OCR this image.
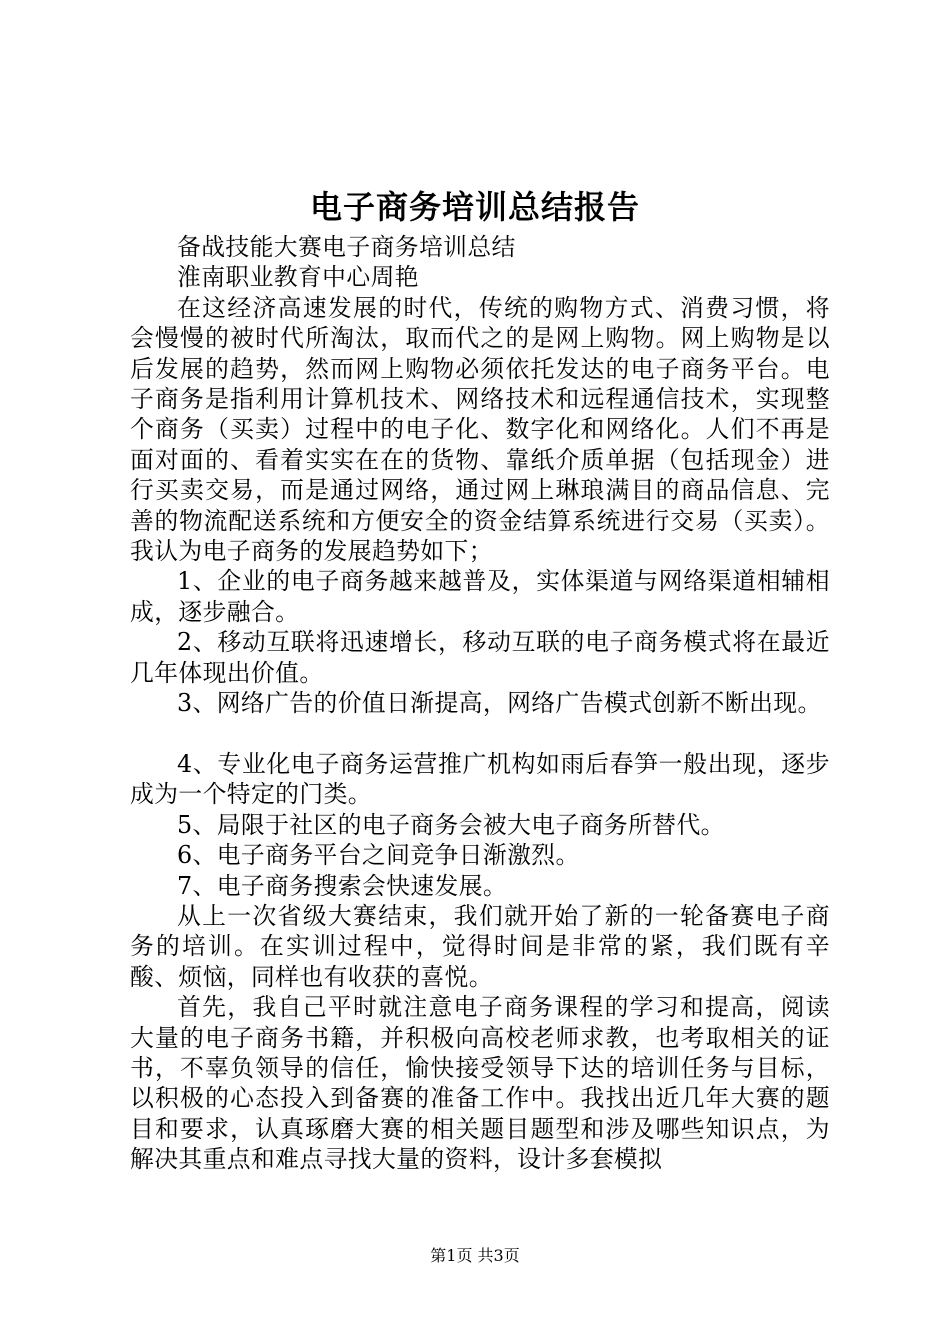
电子商务培训总结报告

备战技能大赛电子商务培训总结

淮南职业教育中心周艳

在这经济高速发展的时代，传统的购物方式、消费习惯，将会慢慢的被时代所淘汰，取而代之的是网上购物。网上购物是以后发展的趋势，然而网上购物必须依托发达的电子商务平台。电子商务是指利用计算机技术、网络技术和远程通信技术，实现整个商务（买卖）过程中的电子化、数字化和网络化。人们不再是面对面的、看着实实在在的货物、靠纸介质单据（包括现金）进行买卖交易，而是通过网络，通过网上琳琅满目的商品信息、完善的物流配送系统和方便安全的资金结算系统进行交易（买卖）。我认为电子商务的发展趋势如下；

1、企业的电子商务越来越普及，实体渠道与网络渠道相辅相成，逐步融合。

2、移动互联将迅速增长，移动互联的电子商务模式将在最近几年体现出价值。

3、网络广告的价值日渐提高，网络广告模式创新不断出现。

4、专业化电子商务运营推广机构如雨后春笋一般出现，逐步成为一个特定的门类。

5、局限于社区的电子商务会被大电子商务所替代。

6、电子商务平台之间竞争日渐激烈。

7、电子商务搜索会快速发展。

从上一次省级大赛结束，我们就开始了新的一轮备赛电子商务的培训。在实训过程中，觉得时间是非常的紧，我们既有辛酸、烦恼，同样也有收获的喜悦。

首先，我自己平时就注意电子商务课程的学习和提高，阅读大量的电子商务书籍，并积极向高校老师求教，也考取相关的证书，不辜负领导的信任，愉快接受领导下达的培训任务与目标，以积极的心态投入到备赛的准备工作中。我找出近几年大赛的题目和要求，认真琢磨大赛的相关题目题型和涉及哪些知识点，为解决其重点和难点寻找大量的资料，设计多套模拟

第1页 共3页
